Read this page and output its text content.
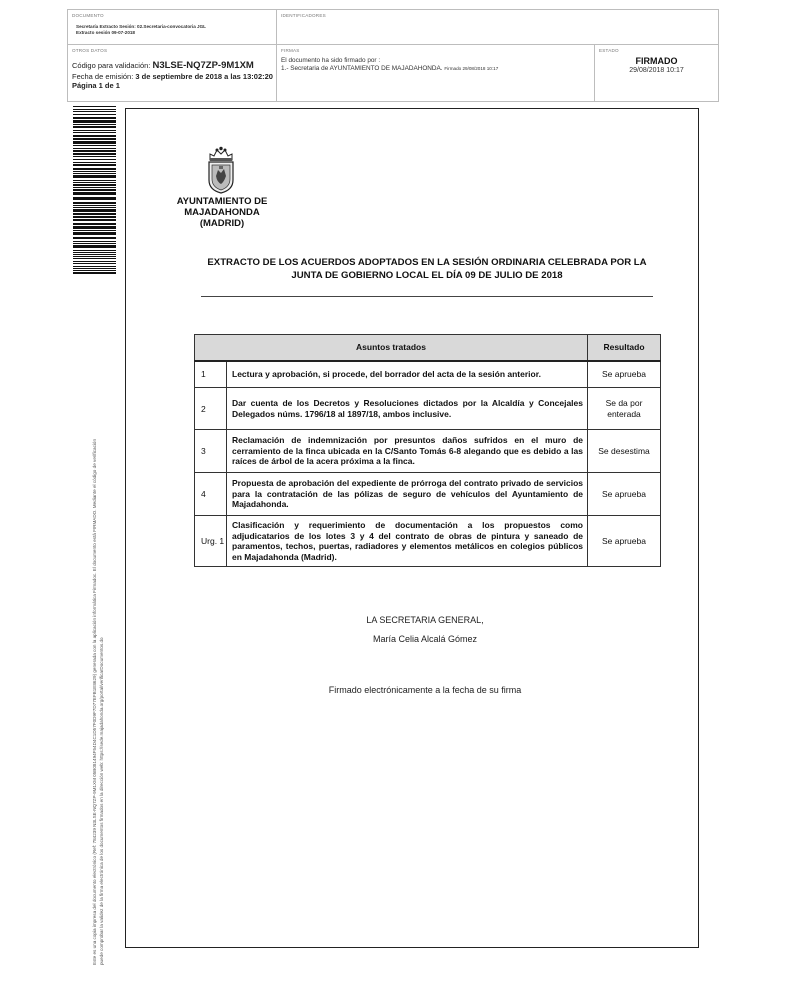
DOCUMENTO
Secretaría Extracto Sesión: 02.Secretaria-convocatoria JGL
Extracto sesión 09-07-2018
IDENTIFICADORES
OTROS DATOS
Código para validación: N3LSE-NQ7ZP-9M1XM
Fecha de emisión: 3 de septiembre de 2018 a las 13:02:20
Página 1 de 1
FIRMAS
El documento ha sido firmado por :
1.- Secretaria de AYUNTAMIENTO DE MAJADAHONDA. Firmado 29/08/2018 10:17
ESTADO
FIRMADO
29/08/2018 10:17
Este es una copia impresa del documento electrónico (Ref: 784239 N3LSE-NQ7ZP-9M1XM 05B081494F54D4C1D57F0D9F7D77EFB1E8629) generada con la aplicación informática Firmadoc. El documento está FIRMADO. Mediante el código de verificación puede comprobar la validez de la firma electrónica de los documentos firmados en la dirección web: https://sede.majadahonda.org/portal/verificarDocumentos.do
AYUNTAMIENTO DE
MAJADAHONDA
(MADRID)
EXTRACTO DE LOS ACUERDOS ADOPTADOS EN LA SESIÓN ORDINARIA CELEBRADA POR LA
JUNTA DE GOBIERNO LOCAL EL DÍA 09 DE JULIO DE 2018
Asuntos tratados		Resultado
1	Lectura y aprobación, si procede, del borrador del acta de la sesión anterior.	Se aprueba
2	Dar cuenta de los Decretos y Resoluciones dictados por la Alcaldía y Concejales Delegados núms. 1796/18 al 1897/18, ambos inclusive.	Se da por enterada
3	Reclamación de indemnización por presuntos daños sufridos en el muro de cerramiento de la finca ubicada en la C/Santo Tomás 6-8 alegando que es debido a las raíces de árbol de la acera próxima a la finca.	Se desestima
4	Propuesta de aprobación del expediente de prórroga del contrato privado de servicios para la contratación de las pólizas de seguro de vehículos del Ayuntamiento de Majadahonda.	Se aprueba
Urg. 1	Clasificación y requerimiento de documentación a los propuestos como adjudicatarios de los lotes 3 y 4 del contrato de obras de pintura y saneado de paramentos, techos, puertas, radiadores y elementos metálicos en colegios públicos en Majadahonda (Madrid).	Se aprueba
LA SECRETARIA GENERAL,
María Celia Alcalá Gómez
Firmado electrónicamente a la fecha de su firma
